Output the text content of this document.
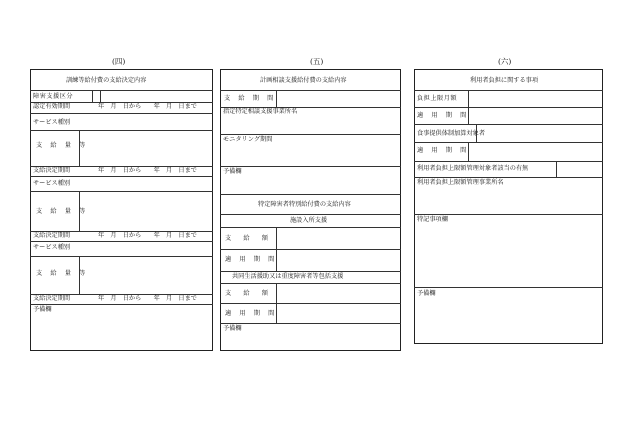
(四)
訓練等給付費の支給決定内容
障害支援区分
認定有効期間	年　月　日から　　年　月　日まで
サービス種別
支　給　量　等
支給決定期間	年　月　日から　　年　月　日まで
サービス種別
支　給　量　等
支給決定期間	年　月　日から　　年　月　日まで
サービス種別
支　給　量　等
支給決定期間	年　月　日から　　年　月　日まで
予備欄
(五)
計画相談支援給付費の支給内容
支　給　期　間
指定特定相談支援事業所名
モニタリング期間
予備欄
特定障害者特別給付費の支給内容
施設入所支援
支　給　額
適　用　期　間
共同生活援助又は重度障害者等包括支援
支　給　額
適　用　期　間
予備欄
(六)
利用者負担に関する事項
負担上限月額
適　用　期　間
食事提供体制加算対象者
適　用　期　間
利用者負担上限額管理対象者該当の有無
利用者負担上限額管理事業所名
特記事項欄
予備欄
